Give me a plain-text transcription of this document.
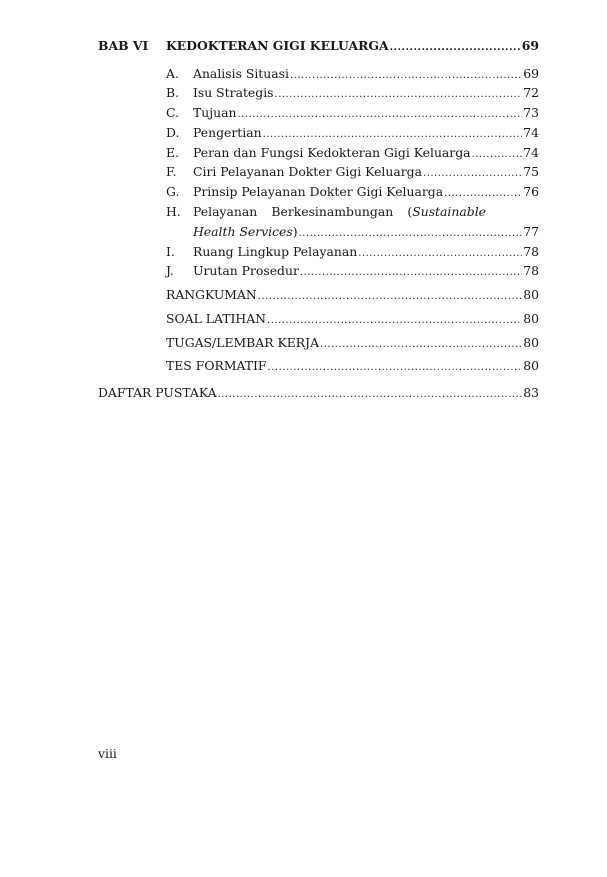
BAB VI KEDOKTERAN GIGI KELUARGA .....	69
A. Analisis Situasi .....	69
B. Isu Strategis .....	72
C. Tujuan .....	73
D. Pengertian .....	74
E. Peran dan Fungsi Kedokteran Gigi Keluarga .....	74
F. Ciri Pelayanan Dokter Gigi Keluarga .....	75
G. Prinsip Pelayanan Dokter Gigi Keluarga .....	76
H. Pelayanan Berkesinambungan (Sustainable
Health Services) .....	77
I. Ruang Lingkup Pelayanan .....	78
J. Urutan Prosedur .....	78
RANGKUMAN .....	80
SOAL LATIHAN .....	80
TUGAS/LEMBAR KERJA .....	80
TES FORMATIF .....	80
DAFTAR PUSTAKA .....	83
viii
